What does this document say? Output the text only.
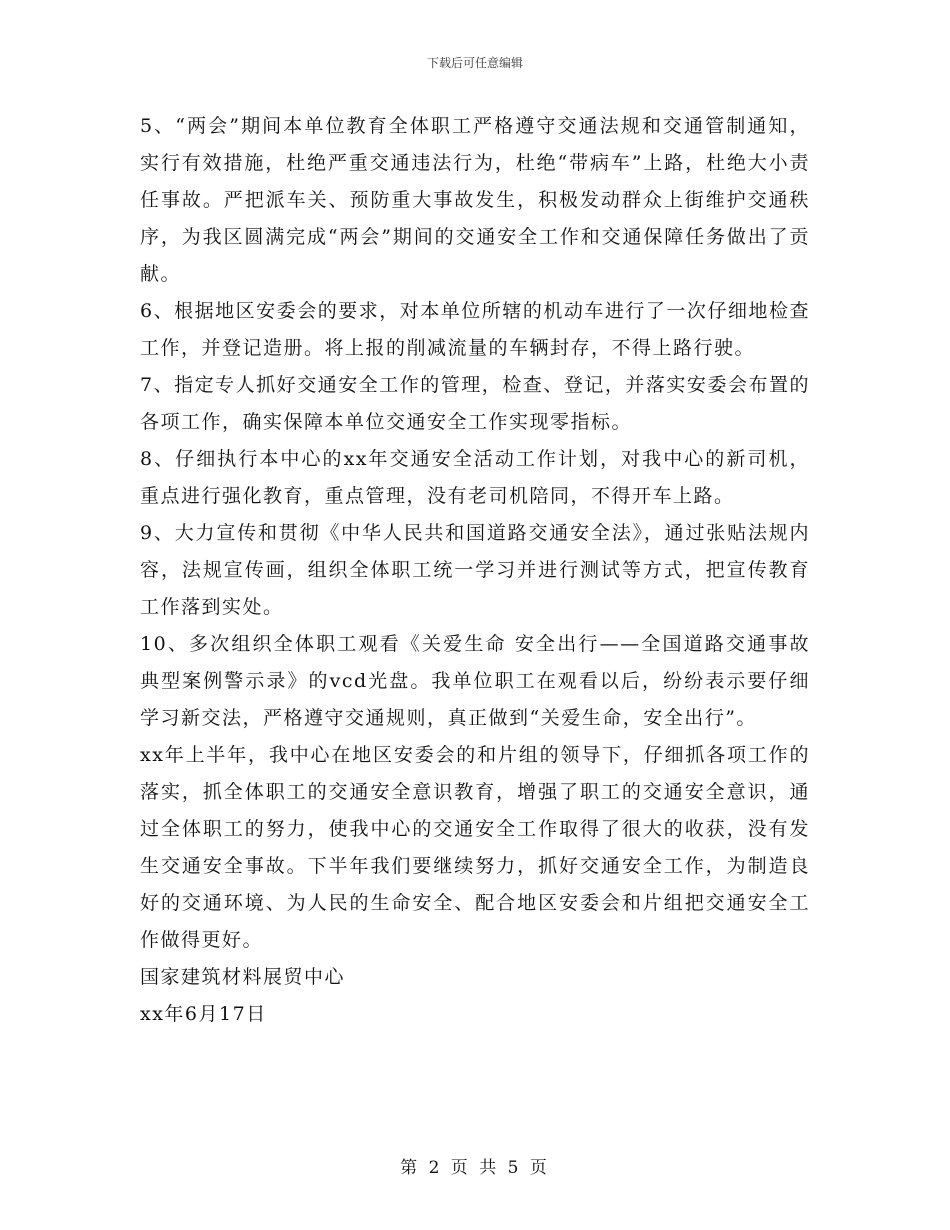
下载后可任意编辑

5、“两会”期间本单位教育全体职工严格遵守交通法规和交通管制通知，实行有效措施，杜绝严重交通违法行为，杜绝“带病车”上路，杜绝大小责任事故。严把派车关、预防重大事故发生，积极发动群众上街维护交通秩序，为我区圆满完成“两会”期间的交通安全工作和交通保障任务做出了贡献。

6、根据地区安委会的要求，对本单位所辖的机动车进行了一次仔细地检查工作，并登记造册。将上报的削减流量的车辆封存，不得上路行驶。

7、指定专人抓好交通安全工作的管理，检查、登记，并落实安委会布置的各项工作，确实保障本单位交通安全工作实现零指标。

8、仔细执行本中心的xx年交通安全活动工作计划，对我中心的新司机，重点进行强化教育，重点管理，没有老司机陪同，不得开车上路。

9、大力宣传和贯彻《中华人民共和国道路交通安全法》，通过张贴法规内容，法规宣传画，组织全体职工统一学习并进行测试等方式，把宣传教育工作落到实处。

10、多次组织全体职工观看《关爱生命 安全出行——全国道路交通事故典型案例警示录》的vcd光盘。我单位职工在观看以后，纷纷表示要仔细学习新交法，严格遵守交通规则，真正做到“关爱生命，安全出行”。

xx年上半年，我中心在地区安委会的和片组的领导下，仔细抓各项工作的落实，抓全体职工的交通安全意识教育，增强了职工的交通安全意识，通过全体职工的努力，使我中心的交通安全工作取得了很大的收获，没有发生交通安全事故。下半年我们要继续努力，抓好交通安全工作，为制造良好的交通环境、为人民的生命安全、配合地区安委会和片组把交通安全工作做得更好。

国家建筑材料展贸中心

xx年6月17日

第 2 页 共 5 页
